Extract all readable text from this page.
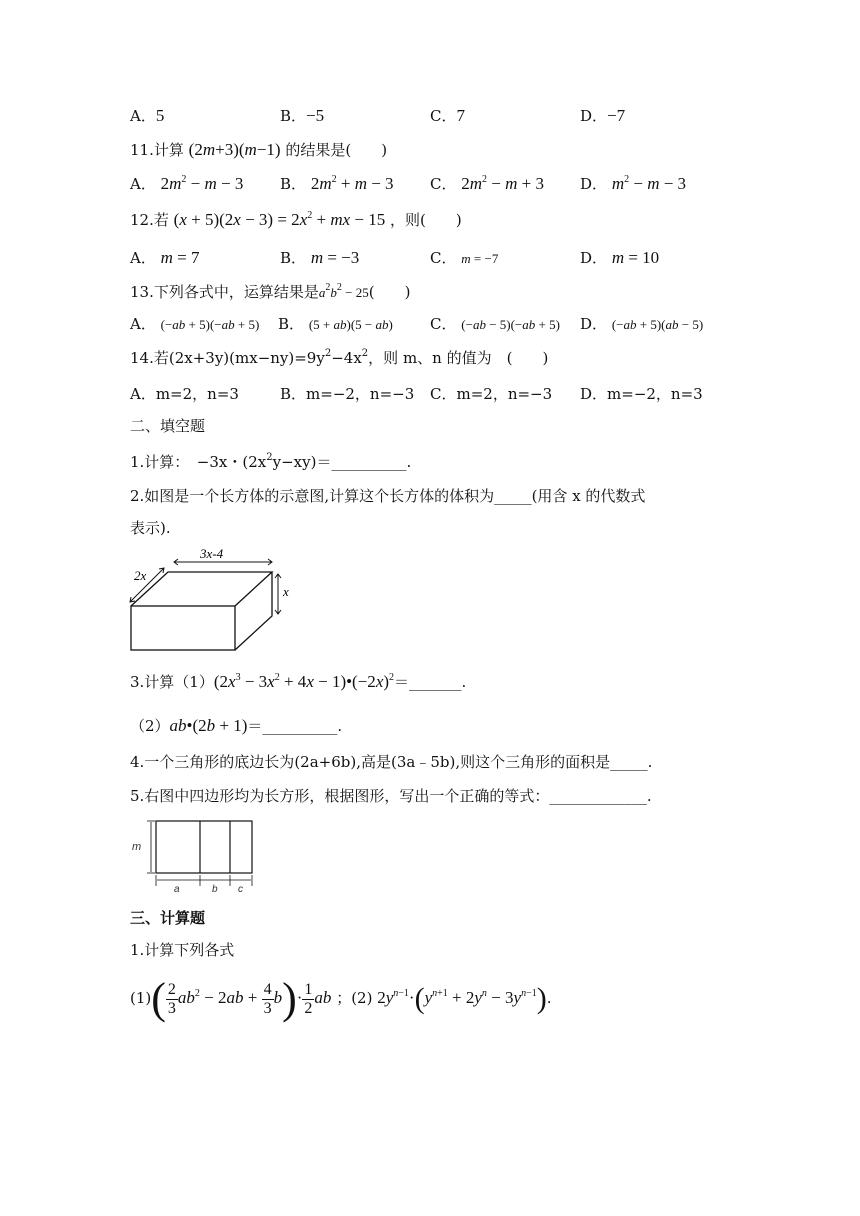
A．5	B．−5	C．7	D．−7
11.计算 (2m+3)(m−1) 的结果是(　　)
A． $2m^2 - m - 3$ B． $2m^2 + m - 3$ C． $2m^2 - m + 3$ D． $m^2 - m - 3$
12.若 $(x + 5)(2x - 3) = 2x^2$ + mx − 15 ，则(　　)
A． m = 7	B． m = −3	C． m = −7	D． m = 10
13.下列各式中，运算结果是$a^2b^2 - 25$(　　)
A． (−ab + 5)(−ab + 5) B． (5 + ab)(5 − ab) C． (−ab − 5)(−ab + 5) D． (−ab + 5)(ab − 5)
14.若$(2x+3y)(mx-ny)=9y^2-4x^2$，则 m、n 的值为　(　　)
A．m=2，n=3	B．m=−2，n=−3 C．m=2，n=−3 D．m=−2，n=3
二、填空题
1.计算：　−3x・$(2x^2y-xy)=\_\_\_\_\_\_\_\_\_\_$.
2.如图是一个长方体的示意图,计算这个长方体的体积为_____(用含 x 的代数式
表示).
3x-4
2x
x
3.计算$(1)(2x^3 - 3x^2 + 4x$ − $1)•(-2x)^2=\_\_\_\_\_\_\_$.
（2）ab•(2b + 1)＝__________.
4.一个三角形的底边长为(2a+6b),高是(3a﹣5b),则这个三角形的面积是_____.
5.右图中四边形均为长方形，根据图形，写出一个正确的等式：_____________.
m
a	b c
三、计算题
1.计算下列各式
$(1)( \frac{2}{3} ab^2 - 2ab + \frac{4}{3} b)\cdot \frac{1}{2}$ ab ；(2) $2y^{n-1}\cdot(y^{n+1} + 2y^n - 3y^{n-1})$.
